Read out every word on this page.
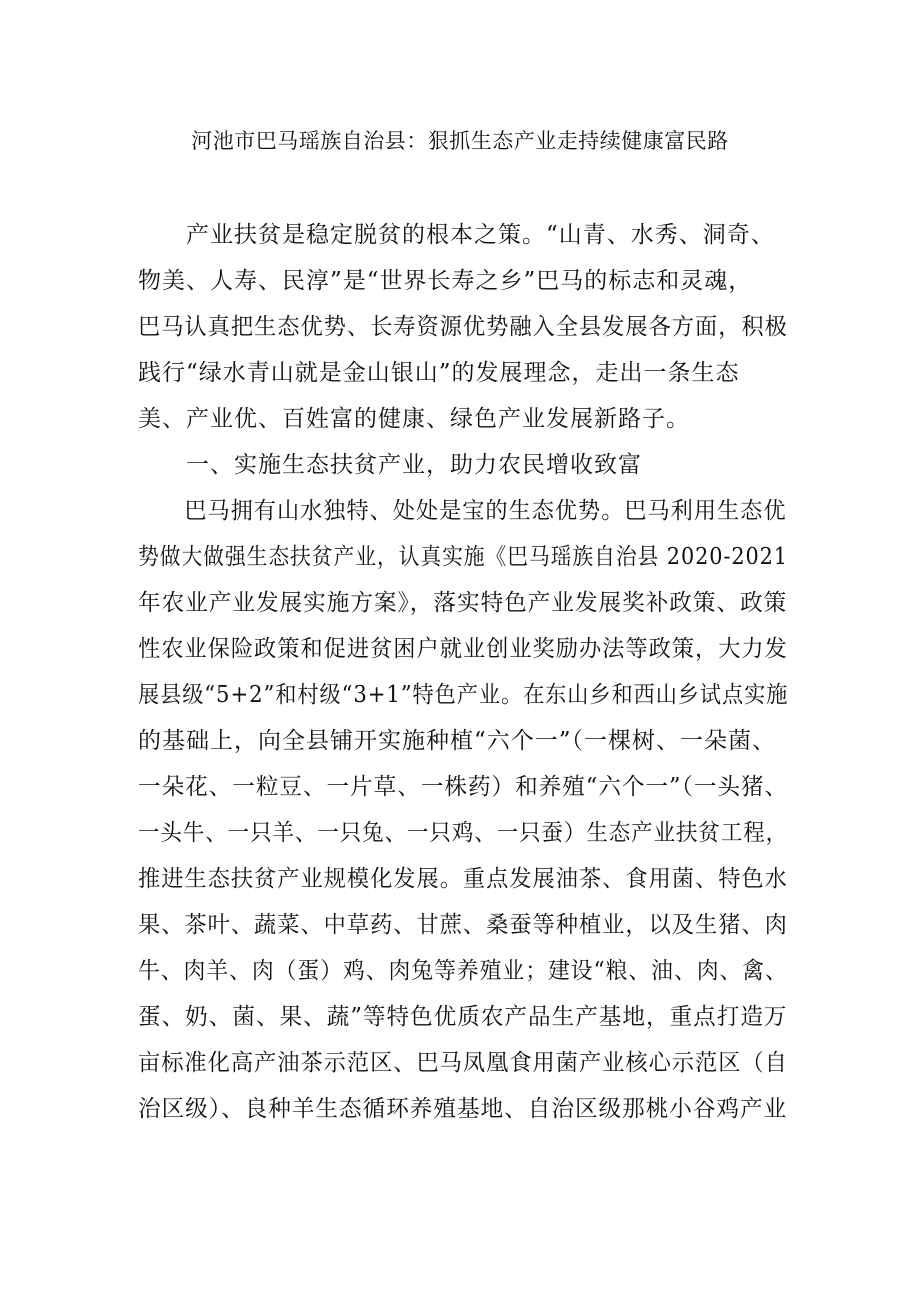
河池市巴马瑶族自治县：狠抓生态产业走持续健康富民路
产业扶贫是稳定脱贫的根本之策。“山青、水秀、洞奇、
物美、人寿、民淳”是“世界长寿之乡”巴马的标志和灵魂，
巴马认真把生态优势、长寿资源优势融入全县发展各方面，积极
践行“绿水青山就是金山银山”的发展理念，走出一条生态
美、产业优、百姓富的健康、绿色产业发展新路子。
一、实施生态扶贫产业，助力农民增收致富
巴马拥有山水独特、处处是宝的生态优势。巴马利用生态优
势做大做强生态扶贫产业，认真实施《巴马瑶族自治县 2020-2021
年农业产业发展实施方案》，落实特色产业发展奖补政策、政策
性农业保险政策和促进贫困户就业创业奖励办法等政策，大力发
展县级“5+2”和村级“3+1”特色产业。在东山乡和西山乡试点实施
的基础上，向全县铺开实施种植“六个一”（一棵树、一朵菌、
一朵花、一粒豆、一片草、一株药）和养殖“六个一”（一头猪、
一头牛、一只羊、一只兔、一只鸡、一只蚕）生态产业扶贫工程，
推进生态扶贫产业规模化发展。重点发展油茶、食用菌、特色水
果、茶叶、蔬菜、中草药、甘蔗、桑蚕等种植业，以及生猪、肉
牛、肉羊、肉（蛋）鸡、肉兔等养殖业；建设“粮、油、肉、禽、
蛋、奶、菌、果、蔬”等特色优质农产品生产基地，重点打造万
亩标准化高产油茶示范区、巴马凤凰食用菌产业核心示范区（自
治区级）、良种羊生态循环养殖基地、自治区级那桃小谷鸡产业
